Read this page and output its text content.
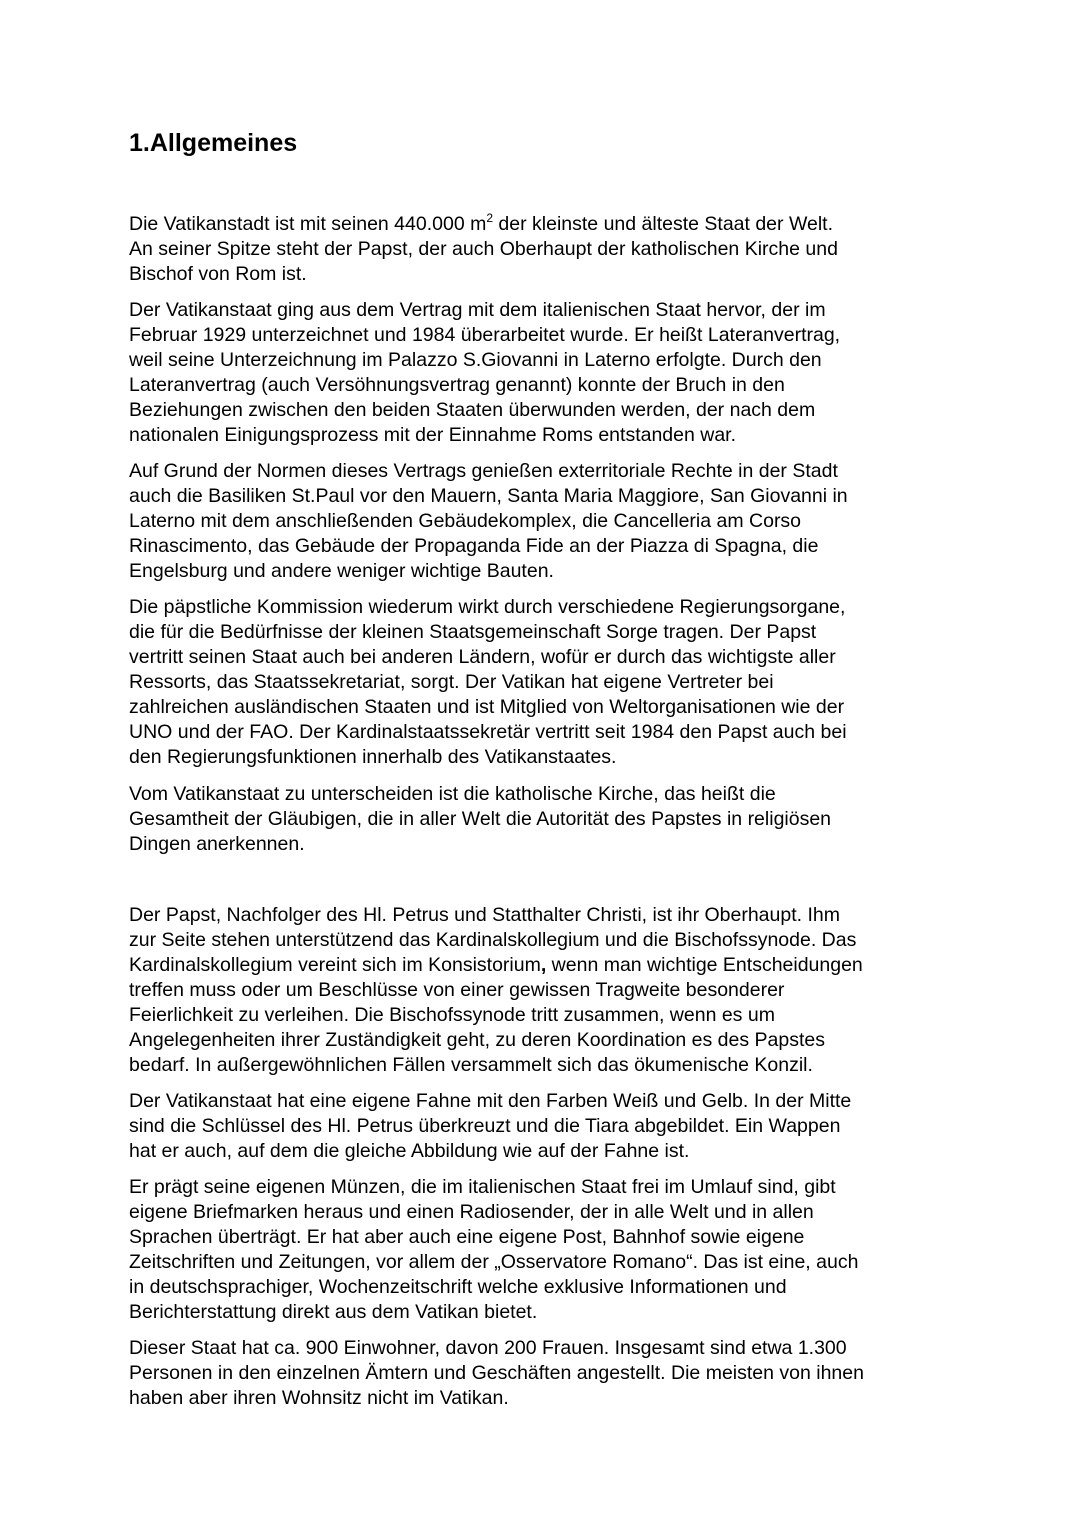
1.Allgemeines

Die Vatikanstadt ist mit seinen 440.000 $m^2$ der kleinste und älteste Staat der Welt.
An seiner Spitze steht der Papst, der auch Oberhaupt der katholischen Kirche und
Bischof von Rom ist.

Der Vatikanstaat ging aus dem Vertrag mit dem italienischen Staat hervor, der im
Februar 1929 unterzeichnet und 1984 überarbeitet wurde. Er heißt Lateranvertrag,
weil seine Unterzeichnung im Palazzo S.Giovanni in Laterno erfolgte. Durch den
Lateranvertrag (auch Versöhnungsvertrag genannt) konnte der Bruch in den
Beziehungen zwischen den beiden Staaten überwunden werden, der nach dem
nationalen Einigungsprozess mit der Einnahme Roms entstanden war.

Auf Grund der Normen dieses Vertrags genießen exterritoriale Rechte in der Stadt
auch die Basiliken St.Paul vor den Mauern, Santa Maria Maggiore, San Giovanni in
Laterno mit dem anschließenden Gebäudekomplex, die Cancelleria am Corso
Rinascimento, das Gebäude der Propaganda Fide an der Piazza di Spagna, die
Engelsburg und andere weniger wichtige Bauten.

Die päpstliche Kommission wiederum wirkt durch verschiedene Regierungsorgane,
die für die Bedürfnisse der kleinen Staatsgemeinschaft Sorge tragen. Der Papst
vertritt seinen Staat auch bei anderen Ländern, wofür er durch das wichtigste aller
Ressorts, das Staatssekretariat, sorgt. Der Vatikan hat eigene Vertreter bei
zahlreichen ausländischen Staaten und ist Mitglied von Weltorganisationen wie der
UNO und der FAO. Der Kardinalstaatssekretär vertritt seit 1984 den Papst auch bei
den Regierungsfunktionen innerhalb des Vatikanstaates.

Vom Vatikanstaat zu unterscheiden ist die katholische Kirche, das heißt die
Gesamtheit der Gläubigen, die in aller Welt die Autorität des Papstes in religiösen
Dingen anerkennen.

Der Papst, Nachfolger des Hl. Petrus und Statthalter Christi, ist ihr Oberhaupt. Ihm
zur Seite stehen unterstützend das Kardinalskollegium und die Bischofssynode. Das
Kardinalskollegium vereint sich im Konsistorium, wenn man wichtige Entscheidungen
treffen muss oder um Beschlüsse von einer gewissen Tragweite besonderer
Feierlichkeit zu verleihen. Die Bischofssynode tritt zusammen, wenn es um
Angelegenheiten ihrer Zuständigkeit geht, zu deren Koordination es des Papstes
bedarf. In außergewöhnlichen Fällen versammelt sich das ökumenische Konzil.

Der Vatikanstaat hat eine eigene Fahne mit den Farben Weiß und Gelb. In der Mitte
sind die Schlüssel des Hl. Petrus überkreuzt und die Tiara abgebildet. Ein Wappen
hat er auch, auf dem die gleiche Abbildung wie auf der Fahne ist.

Er prägt seine eigenen Münzen, die im italienischen Staat frei im Umlauf sind, gibt
eigene Briefmarken heraus und einen Radiosender, der in alle Welt und in allen
Sprachen überträgt. Er hat aber auch eine eigene Post, Bahnhof sowie eigene
Zeitschriften und Zeitungen, vor allem der „Osservatore Romano“. Das ist eine, auch
in deutschsprachiger, Wochenzeitschrift welche exklusive Informationen und
Berichterstattung direkt aus dem Vatikan bietet.

Dieser Staat hat ca. 900 Einwohner, davon 200 Frauen. Insgesamt sind etwa 1.300
Personen in den einzelnen Ämtern und Geschäften angestellt. Die meisten von ihnen
haben aber ihren Wohnsitz nicht im Vatikan.
